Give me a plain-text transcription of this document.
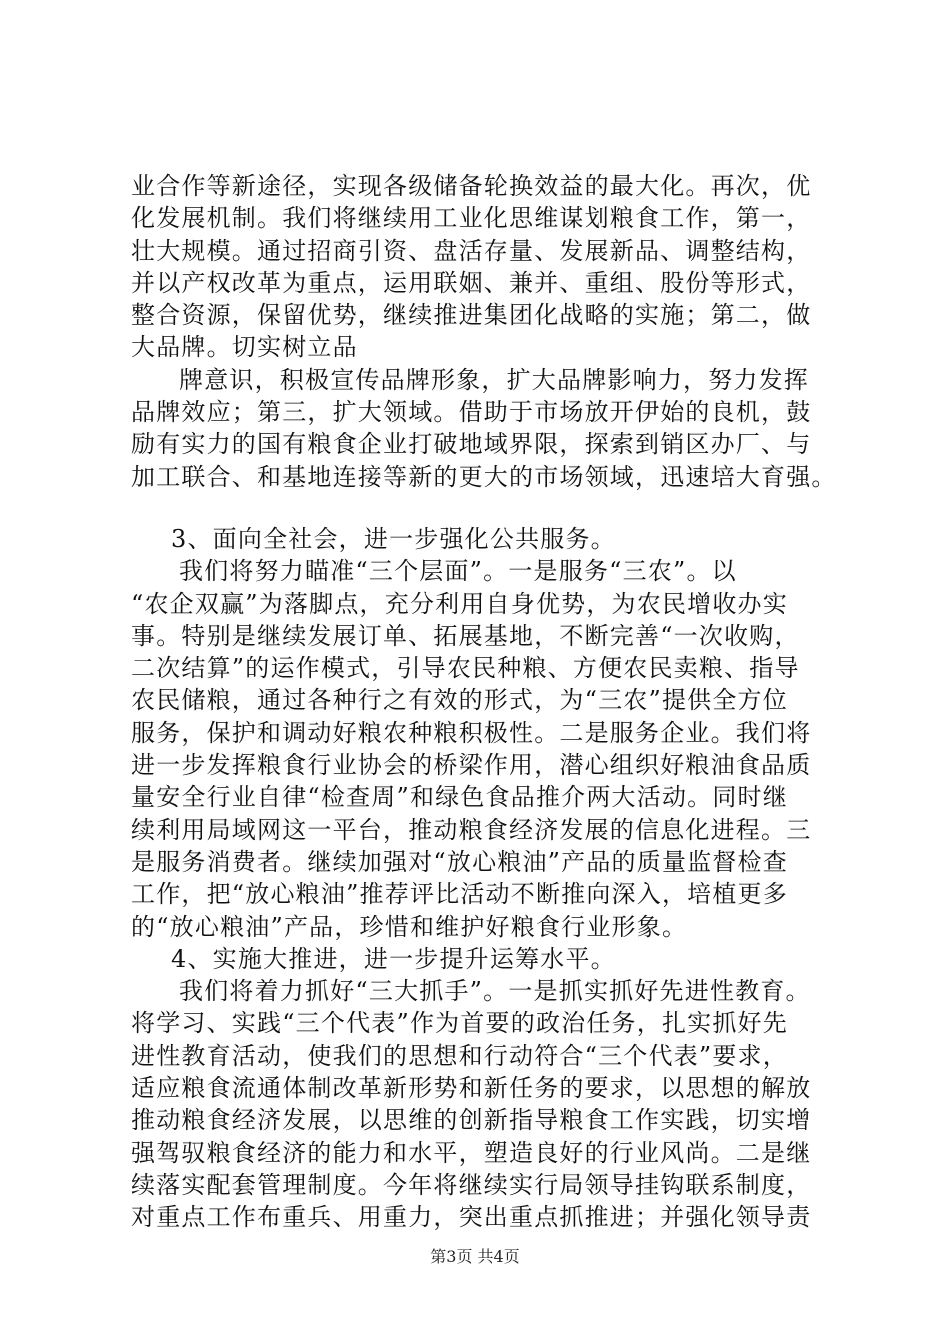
业合作等新途径，实现各级储备轮换效益的最大化。再次，优
化发展机制。我们将继续用工业化思维谋划粮食工作，第一，
壮大规模。通过招商引资、盘活存量、发展新品、调整结构，
并以产权改革为重点，运用联姻、兼并、重组、股份等形式，
整合资源，保留优势，继续推进集团化战略的实施；第二，做
大品牌。切实树立品
牌意识，积极宣传品牌形象，扩大品牌影响力，努力发挥
品牌效应；第三，扩大领域。借助于市场放开伊始的良机，鼓
励有实力的国有粮食企业打破地域界限，探索到销区办厂、与
加工联合、和基地连接等新的更大的市场领域，迅速培大育强。
3、面向全社会，进一步强化公共服务。
我们将努力瞄准“三个层面”。一是服务“三农”。以
“农企双赢”为落脚点，充分利用自身优势，为农民增收办实
事。特别是继续发展订单、拓展基地，不断完善“一次收购，
二次结算”的运作模式，引导农民种粮、方便农民卖粮、指导
农民储粮，通过各种行之有效的形式，为“三农”提供全方位
服务，保护和调动好粮农种粮积极性。二是服务企业。我们将
进一步发挥粮食行业协会的桥梁作用，潜心组织好粮油食品质
量安全行业自律“检查周”和绿色食品推介两大活动。同时继
续利用局域网这一平台，推动粮食经济发展的信息化进程。三
是服务消费者。继续加强对“放心粮油”产品的质量监督检查
工作，把“放心粮油”推荐评比活动不断推向深入，培植更多
的“放心粮油”产品，珍惜和维护好粮食行业形象。
4、实施大推进，进一步提升运筹水平。
我们将着力抓好“三大抓手”。一是抓实抓好先进性教育。
将学习、实践“三个代表”作为首要的政治任务，扎实抓好先
进性教育活动，使我们的思想和行动符合“三个代表”要求，
适应粮食流通体制改革新形势和新任务的要求，以思想的解放
推动粮食经济发展，以思维的创新指导粮食工作实践，切实增
强驾驭粮食经济的能力和水平，塑造良好的行业风尚。二是继
续落实配套管理制度。今年将继续实行局领导挂钩联系制度，
对重点工作布重兵、用重力，突出重点抓推进；并强化领导责
第3页 共4页
